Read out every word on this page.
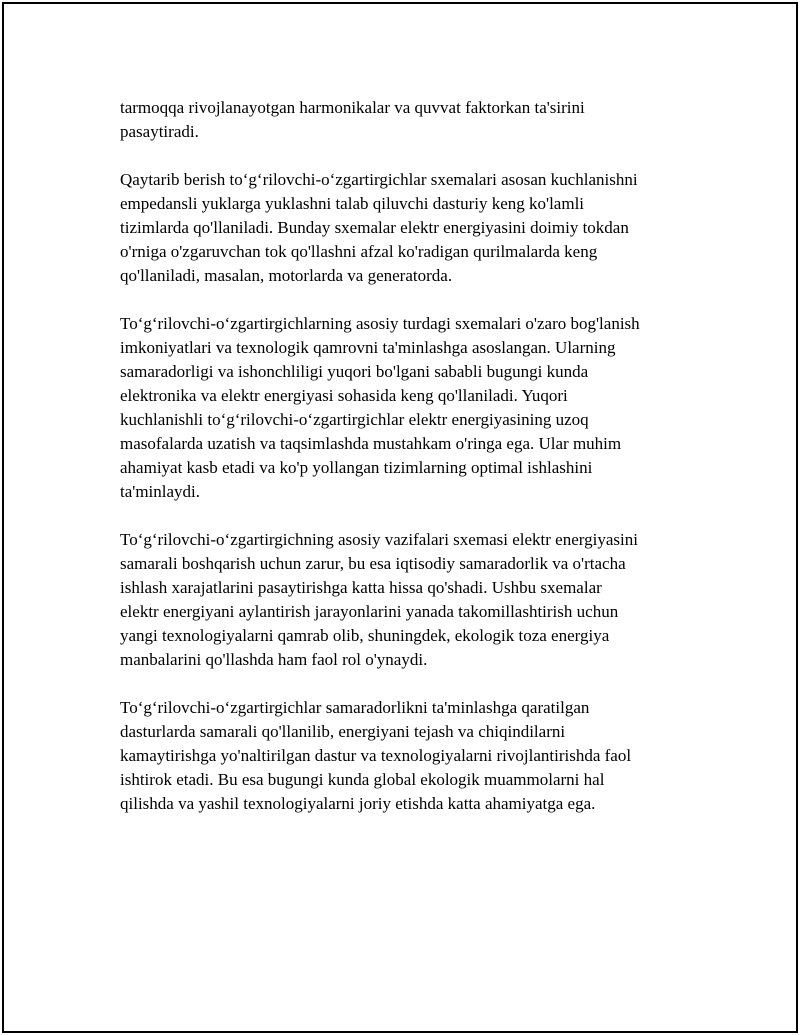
tarmoqqa rivojlanayotgan harmonikalar va quvvat faktorkan ta'sirini
pasaytiradi.

Qaytarib berish to‘g‘rilovchi-o‘zgartirgichlar sxemalari asosan kuchlanishni
empedansli yuklarga yuklashni talab qiluvchi dasturiy keng ko'lamli
tizimlarda qo'llaniladi. Bunday sxemalar elektr energiyasini doimiy tokdan
o'rniga o'zgaruvchan tok qo'llashni afzal ko'radigan qurilmalarda keng
qo'llaniladi, masalan, motorlarda va generatorda.

To‘g‘rilovchi-o‘zgartirgichlarning asosiy turdagi sxemalari o'zaro bog'lanish
imkoniyatlari va texnologik qamrovni ta'minlashga asoslangan. Ularning
samaradorligi va ishonchliligi yuqori bo'lgani sababli bugungi kunda
elektronika va elektr energiyasi sohasida keng qo'llaniladi. Yuqori
kuchlanishli to‘g‘rilovchi-o‘zgartirgichlar elektr energiyasining uzoq
masofalarda uzatish va taqsimlashda mustahkam o'ringa ega. Ular muhim
ahamiyat kasb etadi va ko'p yollangan tizimlarning optimal ishlashini
ta'minlaydi.

To‘g‘rilovchi-o‘zgartirgichning asosiy vazifalari sxemasi elektr energiyasini
samarali boshqarish uchun zarur, bu esa iqtisodiy samaradorlik va o'rtacha
ishlash xarajatlarini pasaytirishga katta hissa qo'shadi. Ushbu sxemalar
elektr energiyani aylantirish jarayonlarini yanada takomillashtirish uchun
yangi texnologiyalarni qamrab olib, shuningdek, ekologik toza energiya
manbalarini qo'llashda ham faol rol o'ynaydi.

To‘g‘rilovchi-o‘zgartirgichlar samaradorlikni ta'minlashga qaratilgan
dasturlarda samarali qo'llanilib, energiyani tejash va chiqindilarni
kamaytirishga yo'naltirilgan dastur va texnologiyalarni rivojlantirishda faol
ishtirok etadi. Bu esa bugungi kunda global ekologik muammolarni hal
qilishda va yashil texnologiyalarni joriy etishda katta ahamiyatga ega.
